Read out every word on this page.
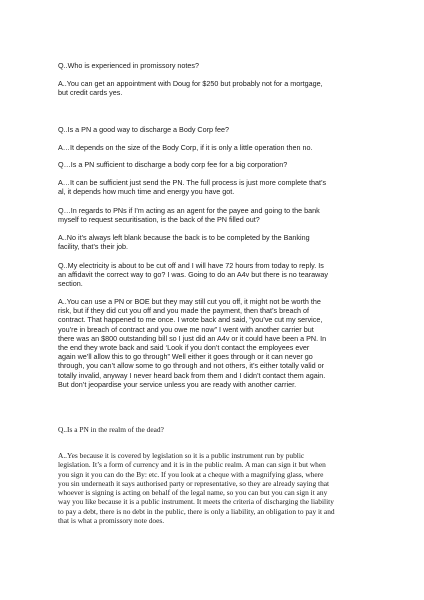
Q..Who is experienced in promissory notes?

A..You can get an appointment with Doug for $250 but probably not for a mortgage,
but credit cards yes.

Q..Is a PN a good way to discharge a Body Corp fee?

A…It depends on the size of the Body Corp, if it is only a little operation then no.

Q…Is a PN sufficient to discharge a body corp fee for a big corporation?

A…It can be sufficient just send the PN. The full process is just more complete that’s
al, it depends how much time and energy you have got.

Q…In regards to PNs if I’m acting as an agent for the payee and going to the bank
myself to request securitisation, is the back of the PN filled out?

A..No it’s always left blank because the back is to be completed by the Banking
facility, that’s their job.

Q..My electricity is about to be cut off and I will have 72 hours from today to reply. Is
an affidavit the correct way to go? I was. Going to do an A4v but there is no tearaway
section.

A..You can use a PN or BOE but they may still cut you off, it might not be worth the
risk, but if they did cut you off and you made the payment, then that’s breach of
contract. That happened to me once. I wrote back and said, “you’ve cut my service,
you’re in breach of contract and you owe me now” I went with another carrier but
there was an $800 outstanding bill so I just did an A4v or it could have been a PN. In
the end they wrote back and said ‘Look if you don’t contact the employees ever
again we’ll allow this to go through” Well either it goes through or it can never go
through, you can’t allow some to go through and not others, it’s either totally valid or
totally invalid, anyway I never heard back from them and I didn’t contact them again.
But don’t jeopardise your service unless you are ready with another carrier.

Q..Is a PN in the realm of the dead?

A..Yes because it is covered by legislation so it is a public instrument run by public
legislation. It’s a form of currency and it is in the public realm. A man can sign it but when
you sign it you can do the By: etc. If you look at a cheque with a magnifying glass, where
you sin underneath it says authorised party or representative, so they are already saying that
whoever is signing is acting on behalf of the legal name, so you can but you can sign it any
way you like because it is a public instrument. It meets the criteria of discharging the liability
to pay a debt, there is no debt in the public, there is only a liability, an obligation to pay it and
that is what a promissory note does.
